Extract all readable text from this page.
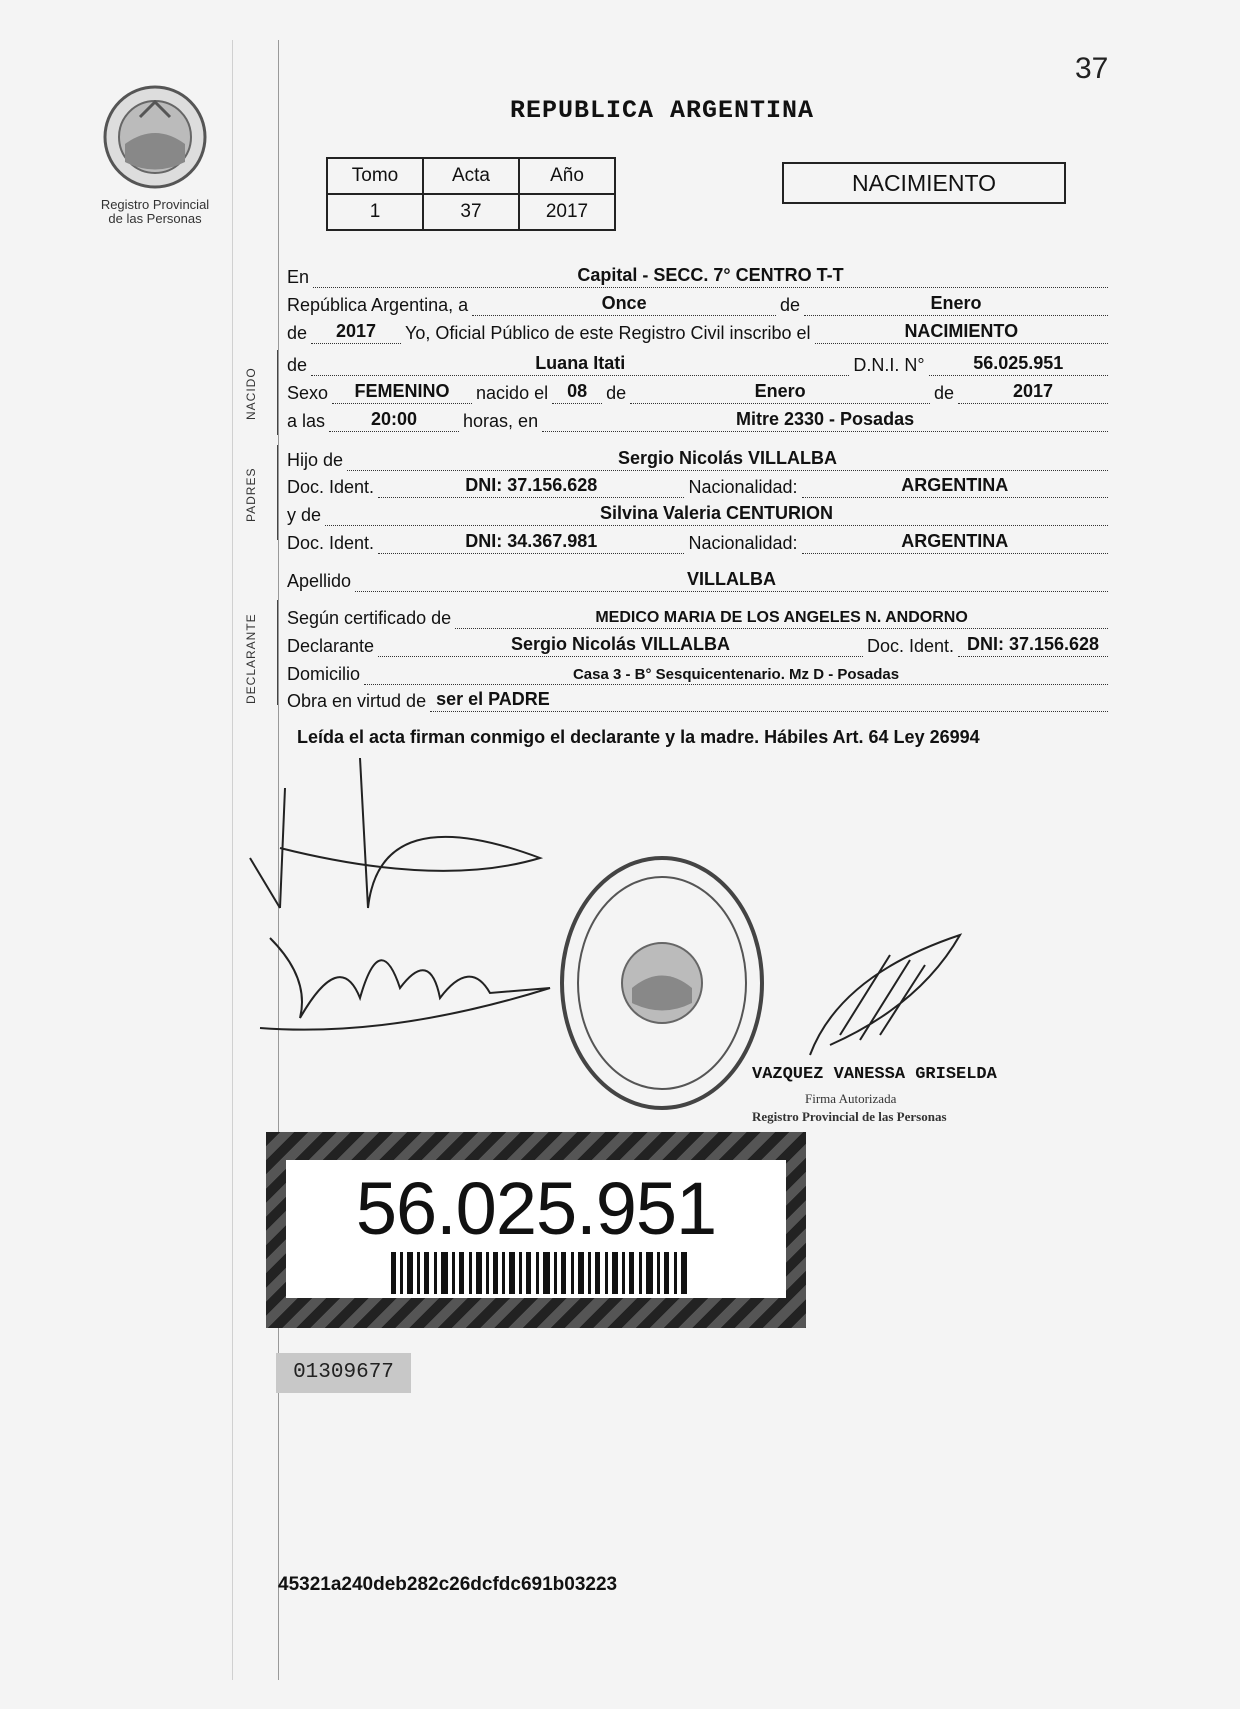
37
Registro Provincial
de las Personas
REPUBLICA ARGENTINA
Tomo	Acta	Año
1	37	2017
NACIMIENTO
NACIDO
PADRES
DECLARANTE
En	Capital - SECC. 7° CENTRO T-T
República Argentina, a	Once	de	Enero
de	2017	Yo, Oficial Público de este Registro Civil inscribo el	NACIMIENTO
de	Luana Itati	D.N.I. N°	56.025.951
Sexo	FEMENINO	nacido el	08	de	Enero	de	2017
a las	20:00	horas, en	Mitre 2330 - Posadas
Hijo de	Sergio Nicolás VILLALBA
Doc. Ident.	DNI: 37.156.628	Nacionalidad:	ARGENTINA
y de	Silvina Valeria CENTURION
Doc. Ident.	DNI: 34.367.981	Nacionalidad:	ARGENTINA
Apellido	VILLALBA
Según certificado de	MEDICO MARIA DE LOS ANGELES N. ANDORNO
Declarante	Sergio Nicolás VILLALBA	Doc. Ident. DNI: 37.156.628
Domicilio	Casa 3 - B° Sesquicentenario. Mz D - Posadas
Obra en virtud de ser el PADRE
Leída el acta firman conmigo el declarante y la madre. Hábiles Art. 64 Ley 26994
VAZQUEZ VANESSA GRISELDA
Firma Autorizada
Registro Provincial de las Personas
56.025.951
01309677
45321a240deb282c26dcfdc691b03223
